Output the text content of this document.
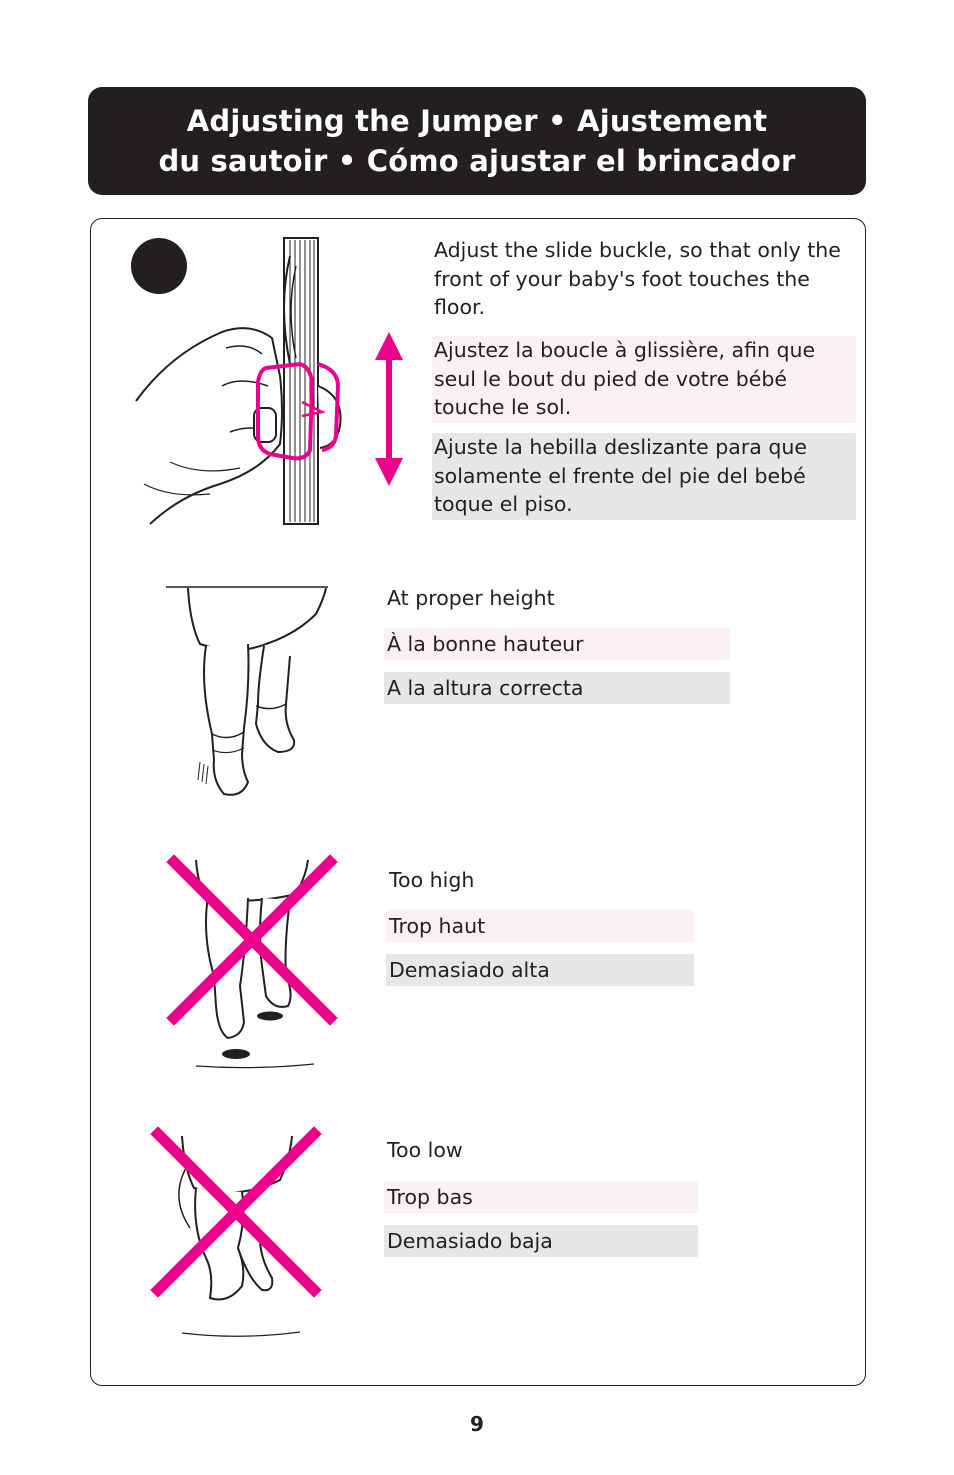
Adjusting the Jumper • Ajustement
du sautoir • Cómo ajustar el brincador
Adjust the slide buckle, so that only the front of your baby's foot touches the floor.
Ajustez la boucle à glissière, afin que seul le bout du pied de votre bébé touche le sol.
Ajuste la hebilla deslizante para que solamente el frente del pie del bebé toque el piso.
At proper height
À la bonne hauteur
A la altura correcta
Too high
Trop haut
Demasiado alta
Too low
Trop bas
Demasiado baja
9
